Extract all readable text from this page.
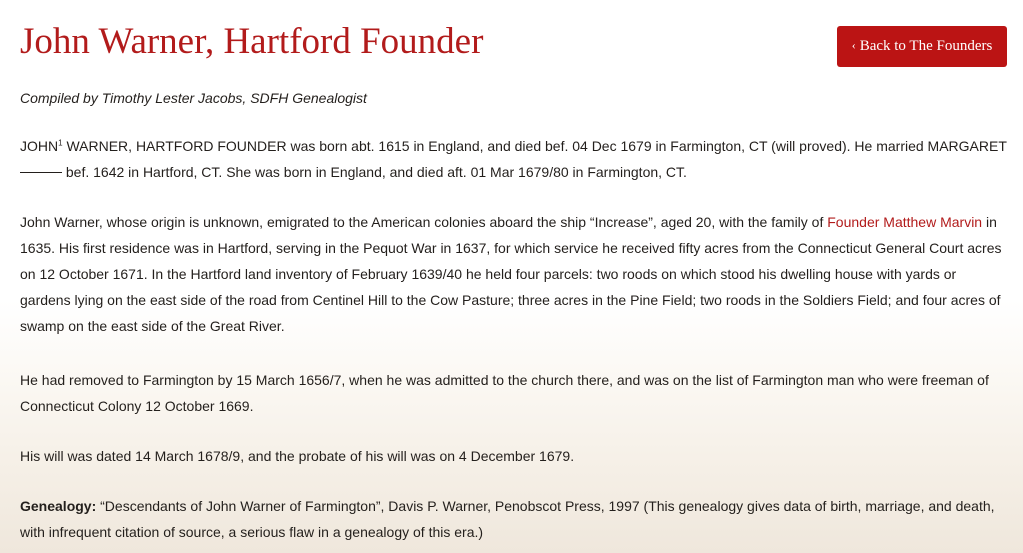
John Warner, Hartford Founder	‹ Back to The Founders

Compiled by Timothy Lester Jacobs, SDFH Genealogist

JOHN$^1$ WARNER, HARTFORD FOUNDER was born abt. 1615 in England, and died bef. 04 Dec 1679 in Farmington, CT (will proved). He married MARGARET  bef. 1642 in Hartford, CT. She was born in England, and died aft. 01 Mar 1679/80 in Farmington, CT.

John Warner, whose origin is unknown, emigrated to the American colonies aboard the ship “Increase”, aged 20, with the family of Founder Matthew Marvin in 1635. His first residence was in Hartford, serving in the Pequot War in 1637, for which service he received fifty acres from the Connecticut General Court acres on 12 October 1671. In the Hartford land inventory of February 1639/40 he held four parcels: two roods on which stood his dwelling house with yards or gardens lying on the east side of the road from Centinel Hill to the Cow Pasture; three acres in the Pine Field; two roods in the Soldiers Field; and four acres of swamp on the east side of the Great River.

He had removed to Farmington by 15 March 1656/7, when he was admitted to the church there, and was on the list of Farmington man who were freeman of Connecticut Colony 12 October 1669.

His will was dated 14 March 1678/9, and the probate of his will was on 4 December 1679.

Genealogy: “Descendants of John Warner of Farmington”, Davis P. Warner, Penobscot Press, 1997 (This genealogy gives data of birth, marriage, and death, with infrequent citation of source, a serious flaw in a genealogy of this era.)
